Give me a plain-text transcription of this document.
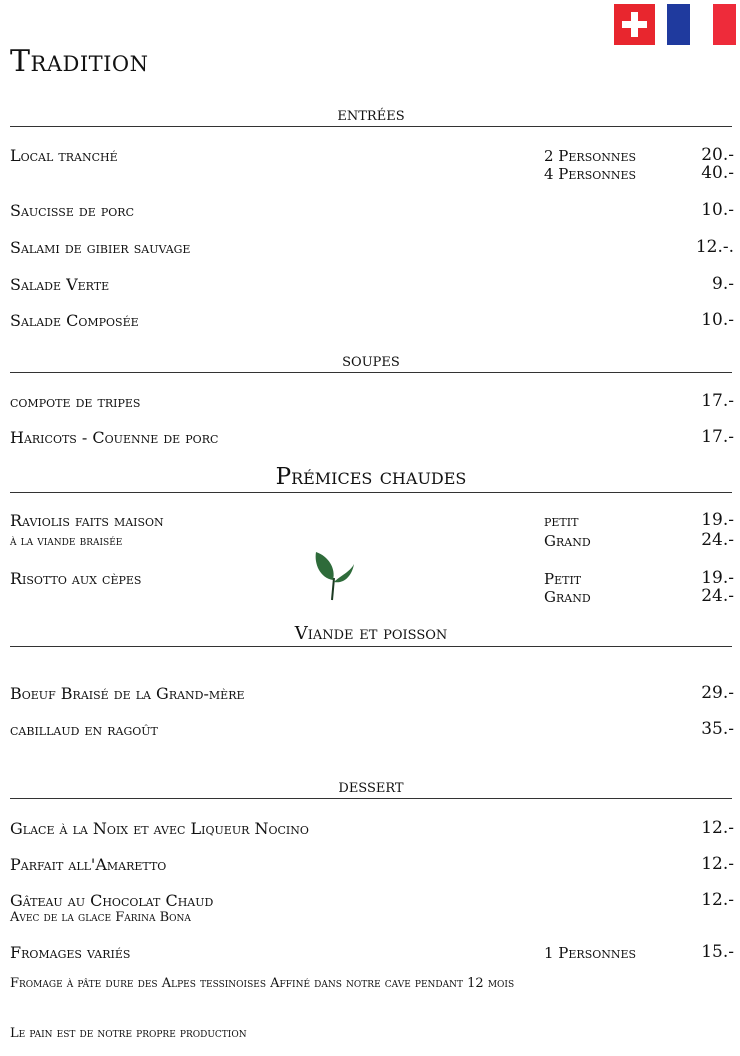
Tradition
entrées
Local tranché	2 Personnes	20.-
4 Personnes	40.-
Saucisse de porc	10.-
Salami de gibier sauvage	12.-.
Salade Verte	9.-
Salade Composée	10.-
soupes
compote de tripes	17.-
Haricots - Couenne de porc	17.-
Prémices chaudes
Raviolis faits maison
à la viande braisée
petit	19.-
Grand	24.-
Risotto aux cèpes	Petit	19.-
Grand	24.-
Viande et poisson
Boeuf Braisé de la Grand-mère	29.-
cabillaud en ragoût	35.-
dessert
Glace à la Noix et avec Liqueur Nocino	12.-
Parfait all'Amaretto	12.-
Gâteau au Chocolat Chaud
Avec de la glace Farina Bona
12.-
Fromages variés	1 Personnes	15.-
Fromage à pâte dure des Alpes tessinoises Affiné dans notre cave pendant 12 mois
Le pain est de notre propre production
